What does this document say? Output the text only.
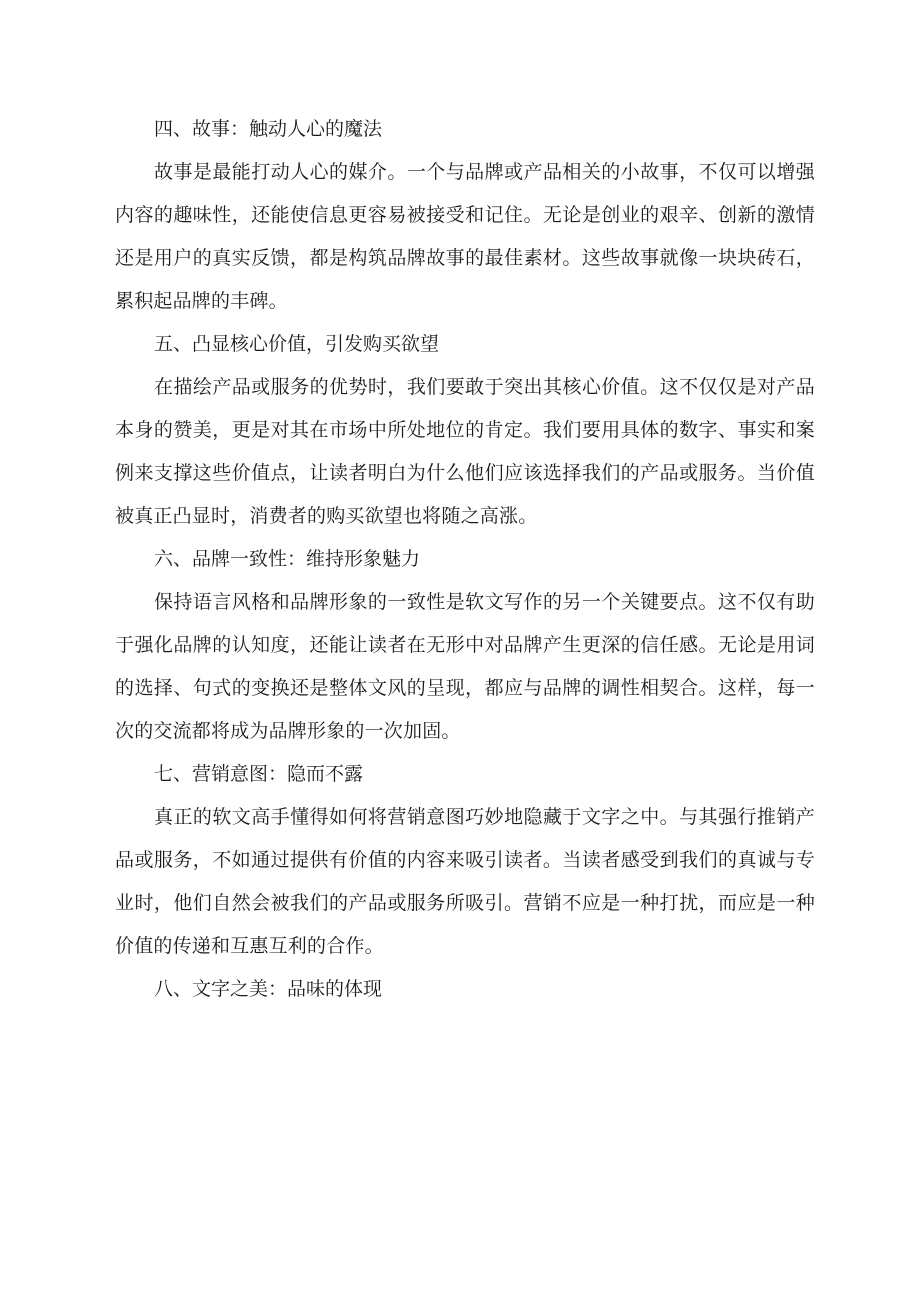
四、故事：触动人心的魔法

故事是最能打动人心的媒介。一个与品牌或产品相关的小故事，不仅可以增强内容的趣味性，还能使信息更容易被接受和记住。无论是创业的艰辛、创新的激情还是用户的真实反馈，都是构筑品牌故事的最佳素材。这些故事就像一块块砖石，累积起品牌的丰碑。

五、凸显核心价值，引发购买欲望

在描绘产品或服务的优势时，我们要敢于突出其核心价值。这不仅仅是对产品本身的赞美，更是对其在市场中所处地位的肯定。我们要用具体的数字、事实和案例来支撑这些价值点，让读者明白为什么他们应该选择我们的产品或服务。当价值被真正凸显时，消费者的购买欲望也将随之高涨。

六、品牌一致性：维持形象魅力

保持语言风格和品牌形象的一致性是软文写作的另一个关键要点。这不仅有助于强化品牌的认知度，还能让读者在无形中对品牌产生更深的信任感。无论是用词的选择、句式的变换还是整体文风的呈现，都应与品牌的调性相契合。这样，每一次的交流都将成为品牌形象的一次加固。

七、营销意图：隐而不露

真正的软文高手懂得如何将营销意图巧妙地隐藏于文字之中。与其强行推销产品或服务，不如通过提供有价值的内容来吸引读者。当读者感受到我们的真诚与专业时，他们自然会被我们的产品或服务所吸引。营销不应是一种打扰，而应是一种价值的传递和互惠互利的合作。

八、文字之美：品味的体现
